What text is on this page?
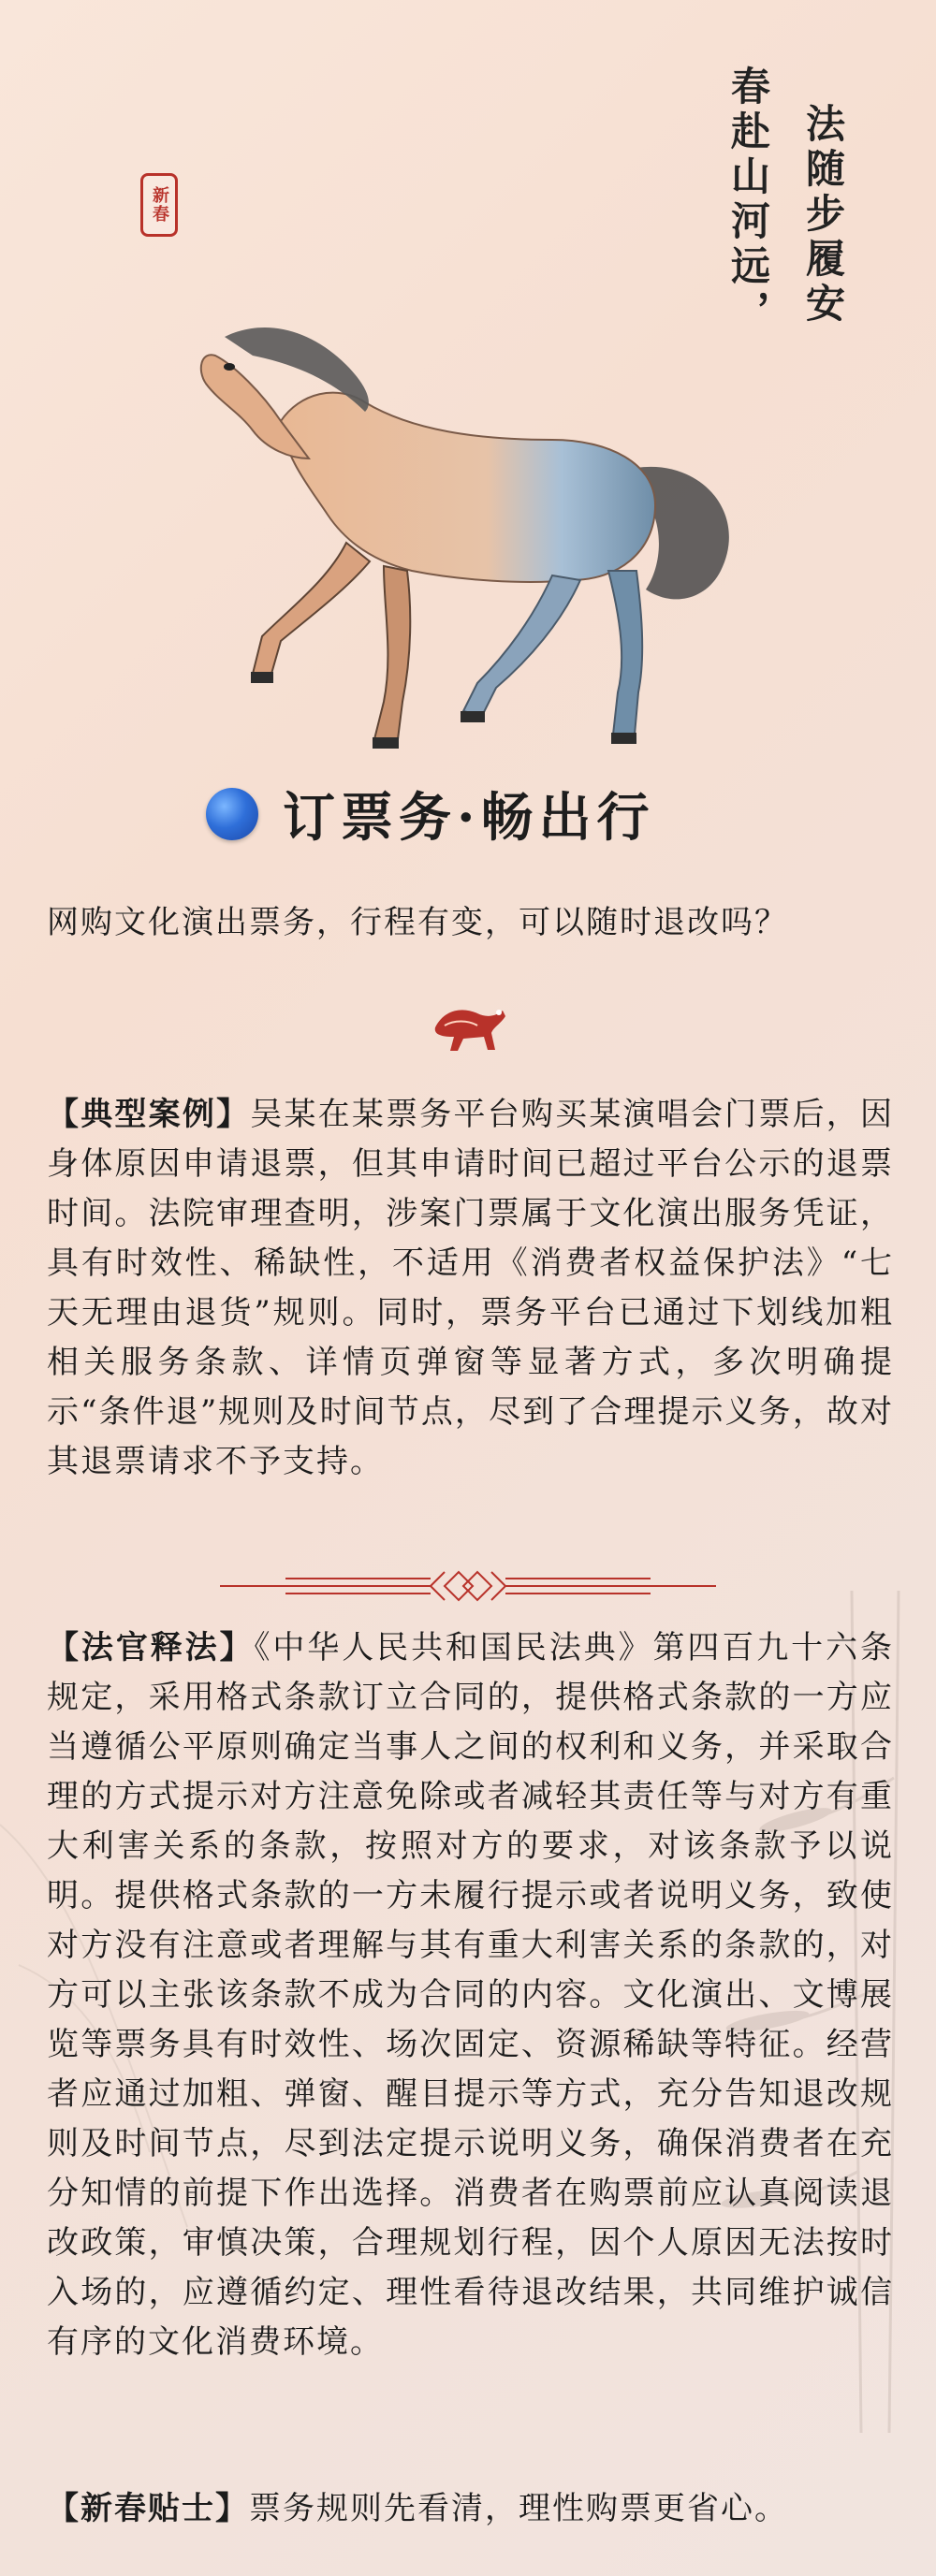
法随步履安
春赴山河远，
新春
订票务·畅出行
网购文化演出票务，行程有变，可以随时退改吗？
【典型案例】吴某在某票务平台购买某演唱会门票后，因身体原因申请退票，但其申请时间已超过平台公示的退票时间。法院审理查明，涉案门票属于文化演出服务凭证，具有时效性、稀缺性，不适用《消费者权益保护法》“七天无理由退货”规则。同时，票务平台已通过下划线加粗相关服务条款、详情页弹窗等显著方式，多次明确提示“条件退”规则及时间节点，尽到了合理提示义务，故对其退票请求不予支持。
【法官释法】《中华人民共和国民法典》第四百九十六条规定，采用格式条款订立合同的，提供格式条款的一方应当遵循公平原则确定当事人之间的权利和义务，并采取合理的方式提示对方注意免除或者减轻其责任等与对方有重大利害关系的条款，按照对方的要求，对该条款予以说明。提供格式条款的一方未履行提示或者说明义务，致使对方没有注意或者理解与其有重大利害关系的条款的，对方可以主张该条款不成为合同的内容。文化演出、文博展览等票务具有时效性、场次固定、资源稀缺等特征。经营者应通过加粗、弹窗、醒目提示等方式，充分告知退改规则及时间节点，尽到法定提示说明义务，确保消费者在充分知情的前提下作出选择。消费者在购票前应认真阅读退改政策，审慎决策，合理规划行程，因个人原因无法按时入场的，应遵循约定、理性看待退改结果，共同维护诚信有序的文化消费环境。
【新春贴士】票务规则先看清，理性购票更省心。
